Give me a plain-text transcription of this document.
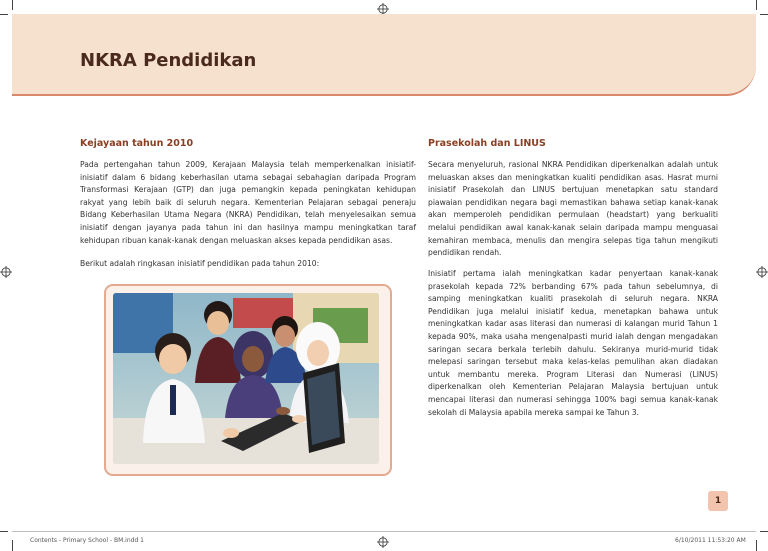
NKRA Pendidikan
Kejayaan tahun 2010

Pada pertengahan tahun 2009, Kerajaan Malaysia telah memperkenalkan inisiatif-inisiatif dalam 6 bidang keberhasilan utama sebagai sebahagian daripada Program Transformasi Kerajaan (GTP) dan juga pemangkin kepada peningkatan kehidupan rakyat yang lebih baik di seluruh negara. Kementerian Pelajaran sebagai peneraju Bidang Keberhasilan Utama Negara (NKRA) Pendidikan, telah menyelesaikan semua inisiatif dengan jayanya pada tahun ini dan hasilnya mampu meningkatkan taraf kehidupan ribuan kanak-kanak dengan meluaskan akses kepada pendidikan asas.

Berikut adalah ringkasan inisiatif pendidikan pada tahun 2010:

Prasekolah dan LINUS

Secara menyeluruh, rasional NKRA Pendidikan diperkenalkan adalah untuk meluaskan akses dan meningkatkan kualiti pendidikan asas. Hasrat murni inisiatif Prasekolah dan LINUS bertujuan menetapkan satu standard piawaian pendidikan negara bagi memastikan bahawa setiap kanak-kanak akan memperoleh pendidikan permulaan (headstart) yang berkualiti melalui pendidikan awal kanak-kanak selain daripada mampu menguasai kemahiran membaca, menulis dan mengira selepas tiga tahun mengikuti pendidikan rendah.

Inisiatif pertama ialah meningkatkan kadar penyertaan kanak-kanak prasekolah kepada 72% berbanding 67% pada tahun sebelumnya, di samping meningkatkan kualiti prasekolah di seluruh negara. NKRA Pendidikan juga melalui inisiatif kedua, menetapkan bahawa untuk meningkatkan kadar asas literasi dan numerasi di kalangan murid Tahun 1 kepada 90%, maka usaha mengenalpasti murid ialah dengan mengadakan saringan secara berkala terlebih dahulu. Sekiranya murid-murid tidak melepasi saringan tersebut maka kelas-kelas pemulihan akan diadakan untuk membantu mereka. Program Literasi dan Numerasi (LINUS) diperkenalkan oleh Kementerian Pelajaran Malaysia bertujuan untuk mencapai literasi dan numerasi sehingga 100% bagi semua kanak-kanak sekolah di Malaysia apabila mereka sampai ke Tahun 3.

1
Contents - Primary School - BM.indd 1	6/10/2011 11:53:20 AM
